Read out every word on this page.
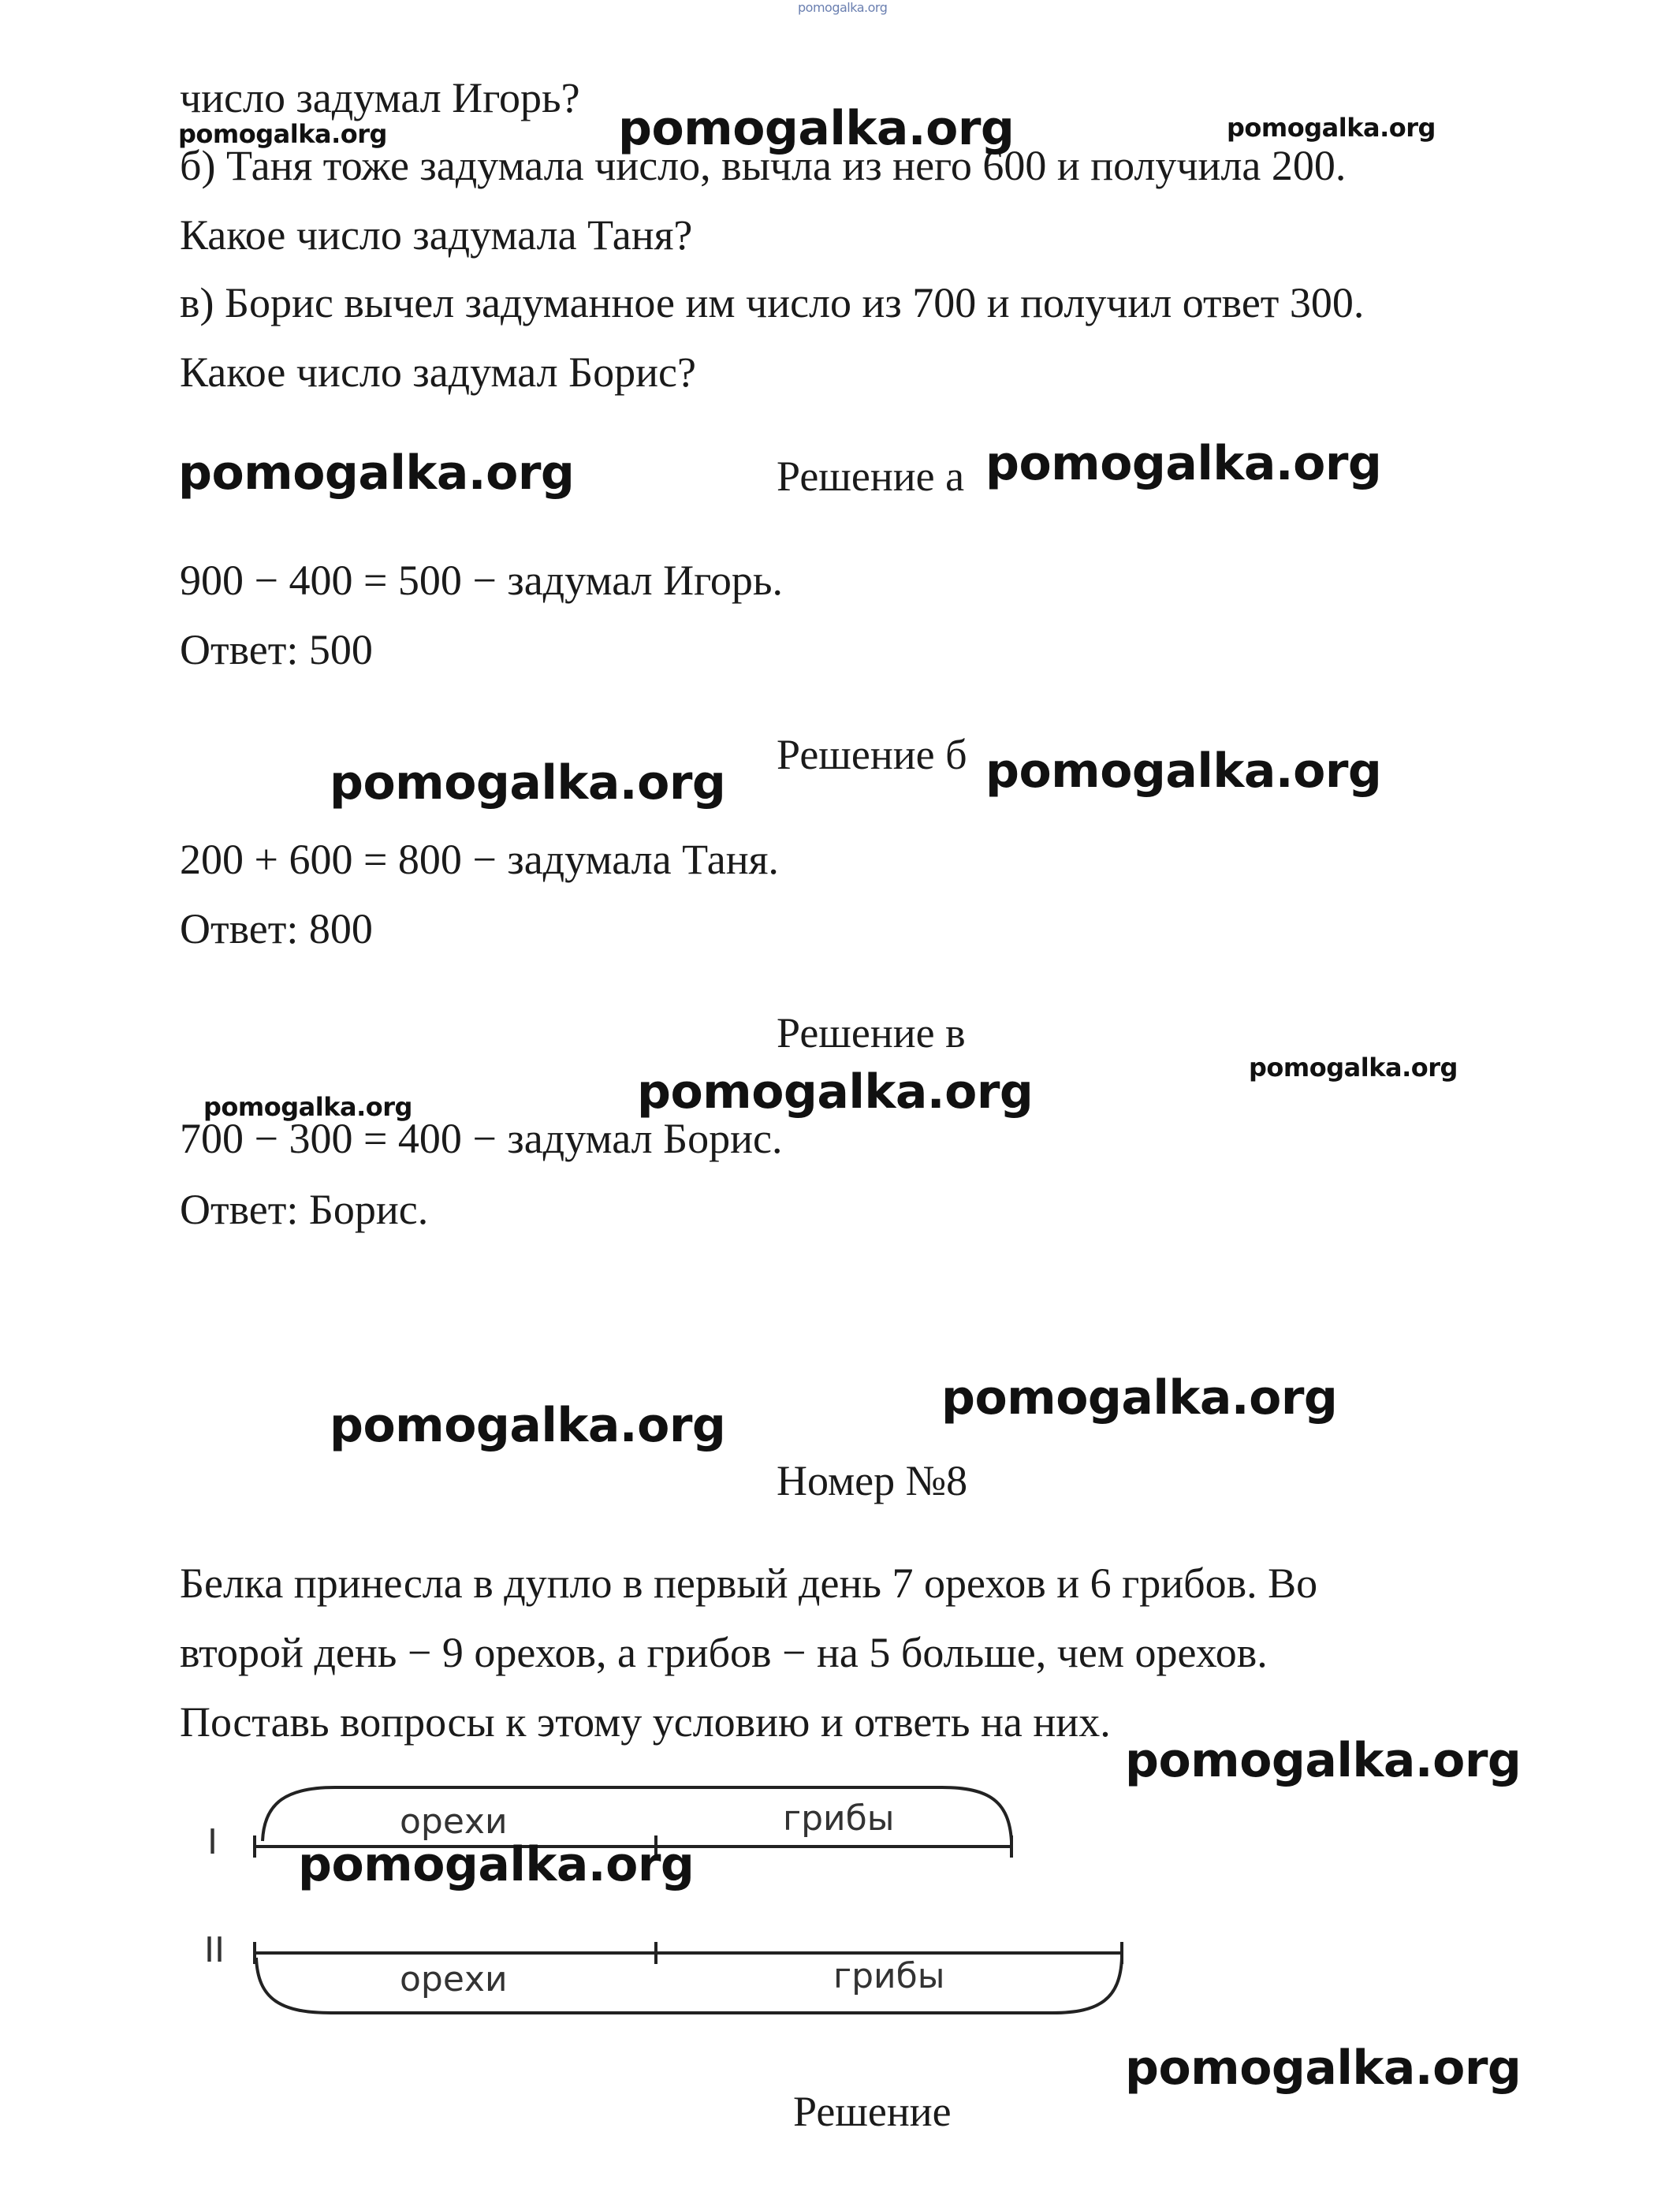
pomogalka.org
число задумал Игорь?
б) Таня тоже задумала число, вычла из него 600 и получила 200.
Какое число задумала Таня?
в) Борис вычел задуманное им число из 700 и получил ответ 300.
Какое число задумал Борис?
pomogalka.org	pomogalka.org	pomogalka.org
pomogalka.org	Решение а pomogalka.org
900 − 400 = 500 − задумал Игорь.
Ответ: 500
Решение б pomogalka.org
pomogalka.org
200 + 600 = 800 − задумала Таня.
Ответ: 800
Решение в
pomogalka.org
pomogalka.org
pomogalka.org
700 − 300 = 400 − задумал Борис.
Ответ: Борис.
pomogalka.org
pomogalka.org
Номер №8
Белка принесла в дупло в первый день 7 орехов и 6 грибов. Во
второй день − 9 орехов, а грибов − на 5 больше, чем орехов.
Поставь вопросы к этому условию и ответь на них.
pomogalka.org
I
орехи	грибы
II
орехи	грибы
pomogalka.org
pomogalka.org
Решение
